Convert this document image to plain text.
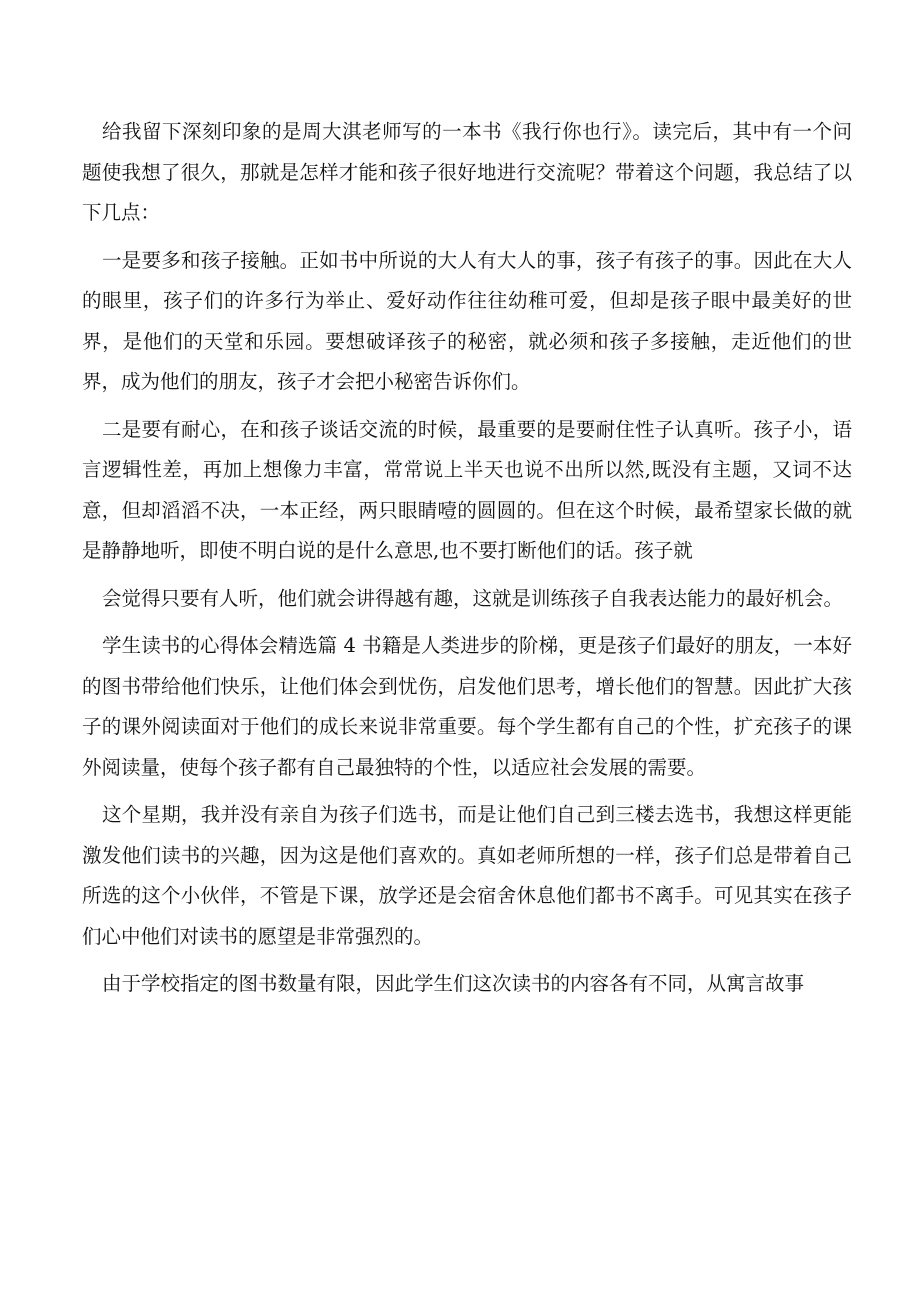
给我留下深刻印象的是周大淇老师写的一本书《我行你也行》。读完后，其中有一个问题使我想了很久，那就是怎样才能和孩子很好地进行交流呢？带着这个问题，我总结了以下几点：

一是要多和孩子接触。正如书中所说的大人有大人的事，孩子有孩子的事。因此在大人的眼里，孩子们的许多行为举止、爱好动作往往幼稚可爱，但却是孩子眼中最美好的世界，是他们的天堂和乐园。要想破译孩子的秘密，就必须和孩子多接触，走近他们的世界，成为他们的朋友，孩子才会把小秘密告诉你们。

二是要有耐心，在和孩子谈话交流的时候，最重要的是要耐住性子认真听。孩子小，语言逻辑性差，再加上想像力丰富，常常说上半天也说不出所以然,既没有主题，又词不达意，但却滔滔不决，一本正经，两只眼睛噎的圆圆的。但在这个时候，最希望家长做的就是静静地听，即使不明白说的是什么意思,也不要打断他们的话。孩子就

会觉得只要有人听，他们就会讲得越有趣，这就是训练孩子自我表达能力的最好机会。

学生读书的心得体会精选篇 4 书籍是人类进步的阶梯，更是孩子们最好的朋友，一本好的图书带给他们快乐，让他们体会到忧伤，启发他们思考，增长他们的智慧。因此扩大孩子的课外阅读面对于他们的成长来说非常重要。每个学生都有自己的个性，扩充孩子的课外阅读量，使每个孩子都有自己最独特的个性，以适应社会发展的需要。

这个星期，我并没有亲自为孩子们选书，而是让他们自己到三楼去选书，我想这样更能激发他们读书的兴趣，因为这是他们喜欢的。真如老师所想的一样，孩子们总是带着自己所选的这个小伙伴，不管是下课，放学还是会宿舍休息他们都书不离手。可见其实在孩子们心中他们对读书的愿望是非常强烈的。

由于学校指定的图书数量有限，因此学生们这次读书的内容各有不同，从寓言故事
